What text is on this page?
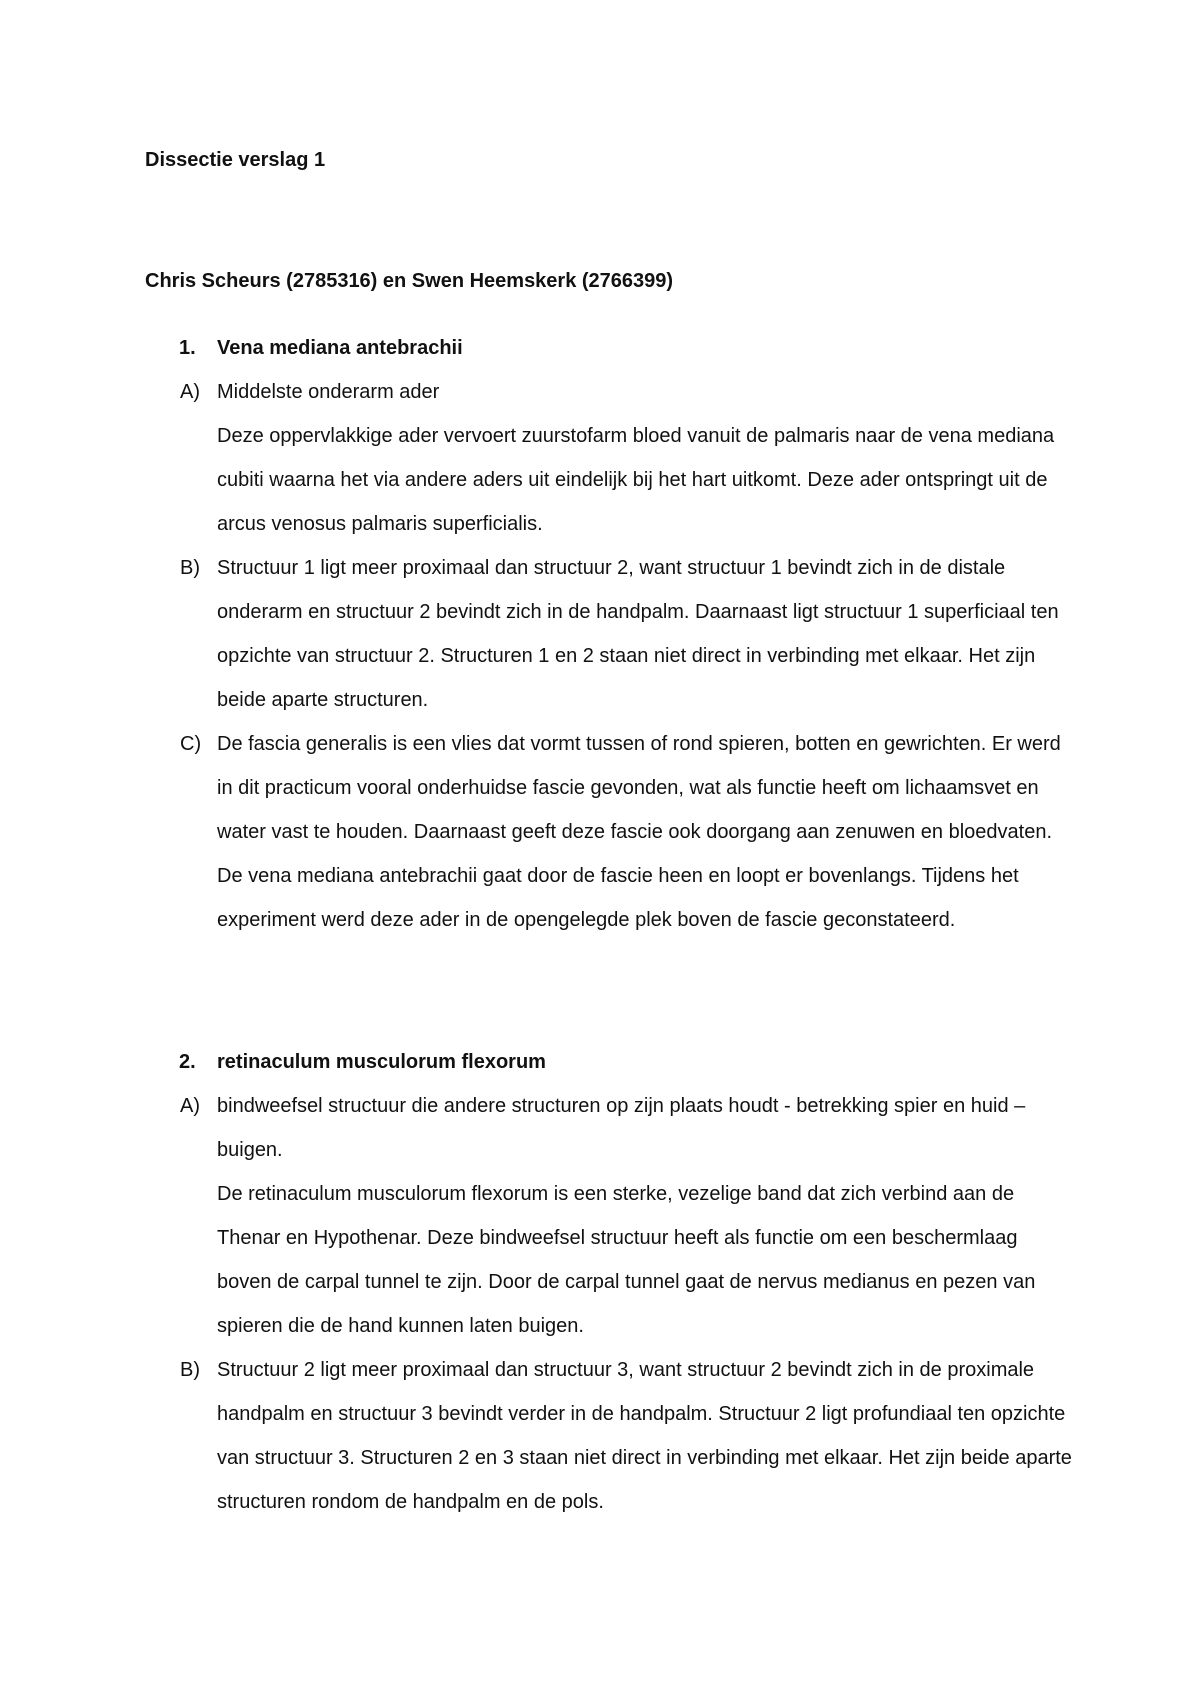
Dissectie verslag 1
Chris Scheurs (2785316) en Swen Heemskerk (2766399)
1. Vena mediana antebrachii
A) Middelste onderarm ader

Deze oppervlakkige ader vervoert zuurstofarm bloed vanuit de palmaris naar de vena mediana cubiti waarna het via andere aders uit eindelijk bij het hart uitkomt. Deze ader ontspringt uit de arcus venosus palmaris superficialis.

B) Structuur 1 ligt meer proximaal dan structuur 2, want structuur 1 bevindt zich in de distale onderarm en structuur 2 bevindt zich in de handpalm. Daarnaast ligt structuur 1 superficiaal ten opzichte van structuur 2. Structuren 1 en 2 staan niet direct in verbinding met elkaar. Het zijn beide aparte structuren.

C) De fascia generalis is een vlies dat vormt tussen of rond spieren, botten en gewrichten. Er werd in dit practicum vooral onderhuidse fascie gevonden, wat als functie heeft om lichaamsvet en water vast te houden. Daarnaast geeft deze fascie ook doorgang aan zenuwen en bloedvaten. De vena mediana antebrachii gaat door de fascie heen en loopt er bovenlangs. Tijdens het experiment werd deze ader in de opengelegde plek boven de fascie geconstateerd.

2. retinaculum musculorum flexorum
A) bindweefsel structuur die andere structuren op zijn plaats houdt - betrekking spier en huid – buigen.

De retinaculum musculorum flexorum is een sterke, vezelige band dat zich verbind aan de Thenar en Hypothenar. Deze bindweefsel structuur heeft als functie om een beschermlaag boven de carpal tunnel te zijn. Door de carpal tunnel gaat de nervus medianus en pezen van spieren die de hand kunnen laten buigen.

B) Structuur 2 ligt meer proximaal dan structuur 3, want structuur 2 bevindt zich in de proximale handpalm en structuur 3 bevindt verder in de handpalm. Structuur 2 ligt profundiaal ten opzichte van structuur 3. Structuren 2 en 3 staan niet direct in verbinding met elkaar. Het zijn beide aparte structuren rondom de handpalm en de pols.
